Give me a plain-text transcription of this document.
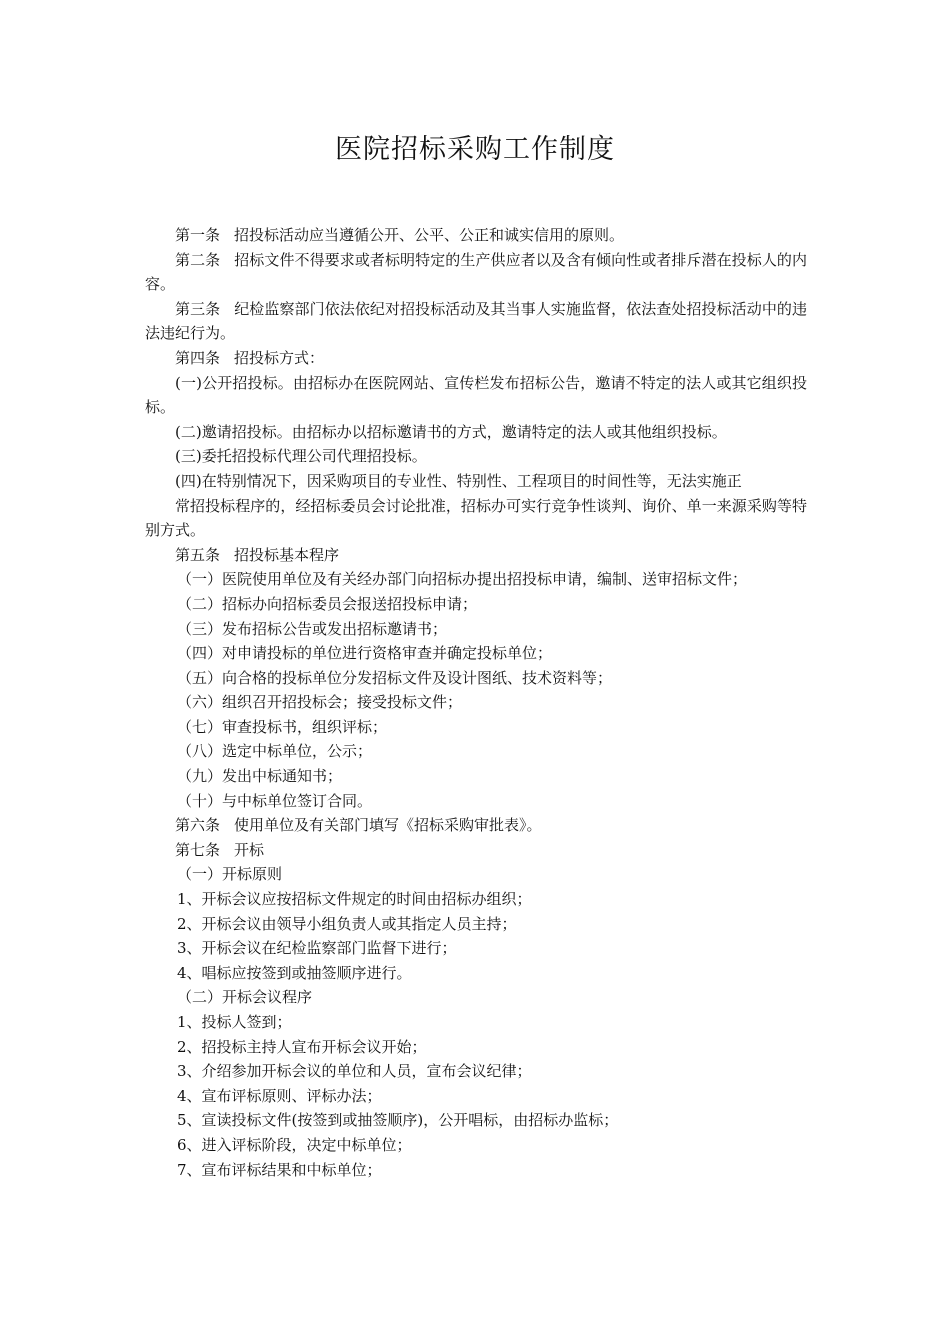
医院招标采购工作制度

第一条 招投标活动应当遵循公开、公平、公正和诚实信用的原则。

第二条 招标文件不得要求或者标明特定的生产供应者以及含有倾向性或者排斥潜在投标人的内容。

第三条 纪检监察部门依法依纪对招投标活动及其当事人实施监督，依法查处招投标活动中的违法违纪行为。

第四条 招投标方式：

(一)公开招投标。由招标办在医院网站、宣传栏发布招标公告，邀请不特定的法人或其它组织投标。

(二)邀请招投标。由招标办以招标邀请书的方式，邀请特定的法人或其他组织投标。

(三)委托招投标代理公司代理招投标。

(四)在特别情况下，因采购项目的专业性、特别性、工程项目的时间性等，无法实施正

常招投标程序的，经招标委员会讨论批准，招标办可实行竞争性谈判、询价、单一来源采购等特别方式。

第五条 招投标基本程序

（一）医院使用单位及有关经办部门向招标办提出招投标申请，编制、送审招标文件；

（二）招标办向招标委员会报送招投标申请；

（三）发布招标公告或发出招标邀请书；

（四）对申请投标的单位进行资格审查并确定投标单位；

（五）向合格的投标单位分发招标文件及设计图纸、技术资料等；

（六）组织召开招投标会；接受投标文件；

（七）审查投标书，组织评标；

（八）选定中标单位，公示；

（九）发出中标通知书；

（十）与中标单位签订合同。

第六条 使用单位及有关部门填写《招标采购审批表》。

第七条 开标

（一）开标原则

1、开标会议应按招标文件规定的时间由招标办组织；

2、开标会议由领导小组负责人或其指定人员主持；

3、开标会议在纪检监察部门监督下进行；

4、唱标应按签到或抽签顺序进行。

（二）开标会议程序

1、投标人签到；

2、招投标主持人宣布开标会议开始；

3、介绍参加开标会议的单位和人员，宣布会议纪律；

4、宣布评标原则、评标办法；

5、宣读投标文件(按签到或抽签顺序)，公开唱标，由招标办监标；

6、进入评标阶段，决定中标单位；

7、宣布评标结果和中标单位；
